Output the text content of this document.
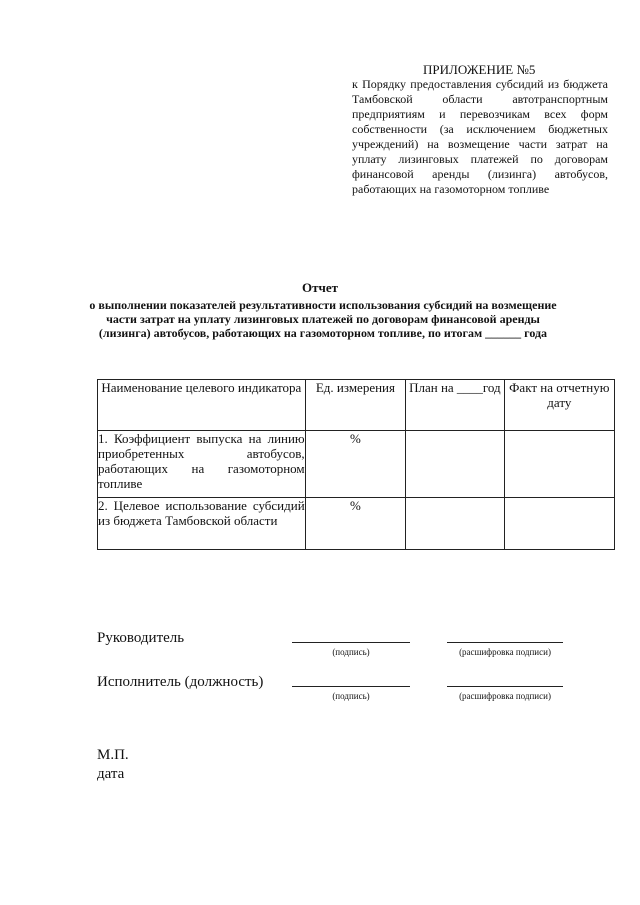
ПРИЛОЖЕНИЕ №5
к Порядку предоставления субсидий из бюджета Тамбовской области автотранспортным предприятиям и перевозчикам всех форм собственности (за исключением бюджетных учреждений) на возмещение части затрат на уплату лизинговых платежей по договорам финансовой аренды (лизинга) автобусов, работающих на газомоторном топливе
Отчет
о выполнении показателей результативности использования субсидий на возмещение части затрат на уплату лизинговых платежей по договорам финансовой аренды (лизинга) автобусов, работающих на газомоторном топливе, по итогам ______ года
Наименование целевого индикатора	Ед. измерения	План на ____год	Факт на отчетную дату
1. Коэффициент выпуска на линию приобретенных автобусов, работающих на газомоторном топливе	%		
2. Целевое использование субсидий из бюджета Тамбовской области	%		
Руководитель
(подпись)	(расшифровка подписи)
Исполнитель (должность)
(подпись)	(расшифровка подписи)
М.П.
дата
